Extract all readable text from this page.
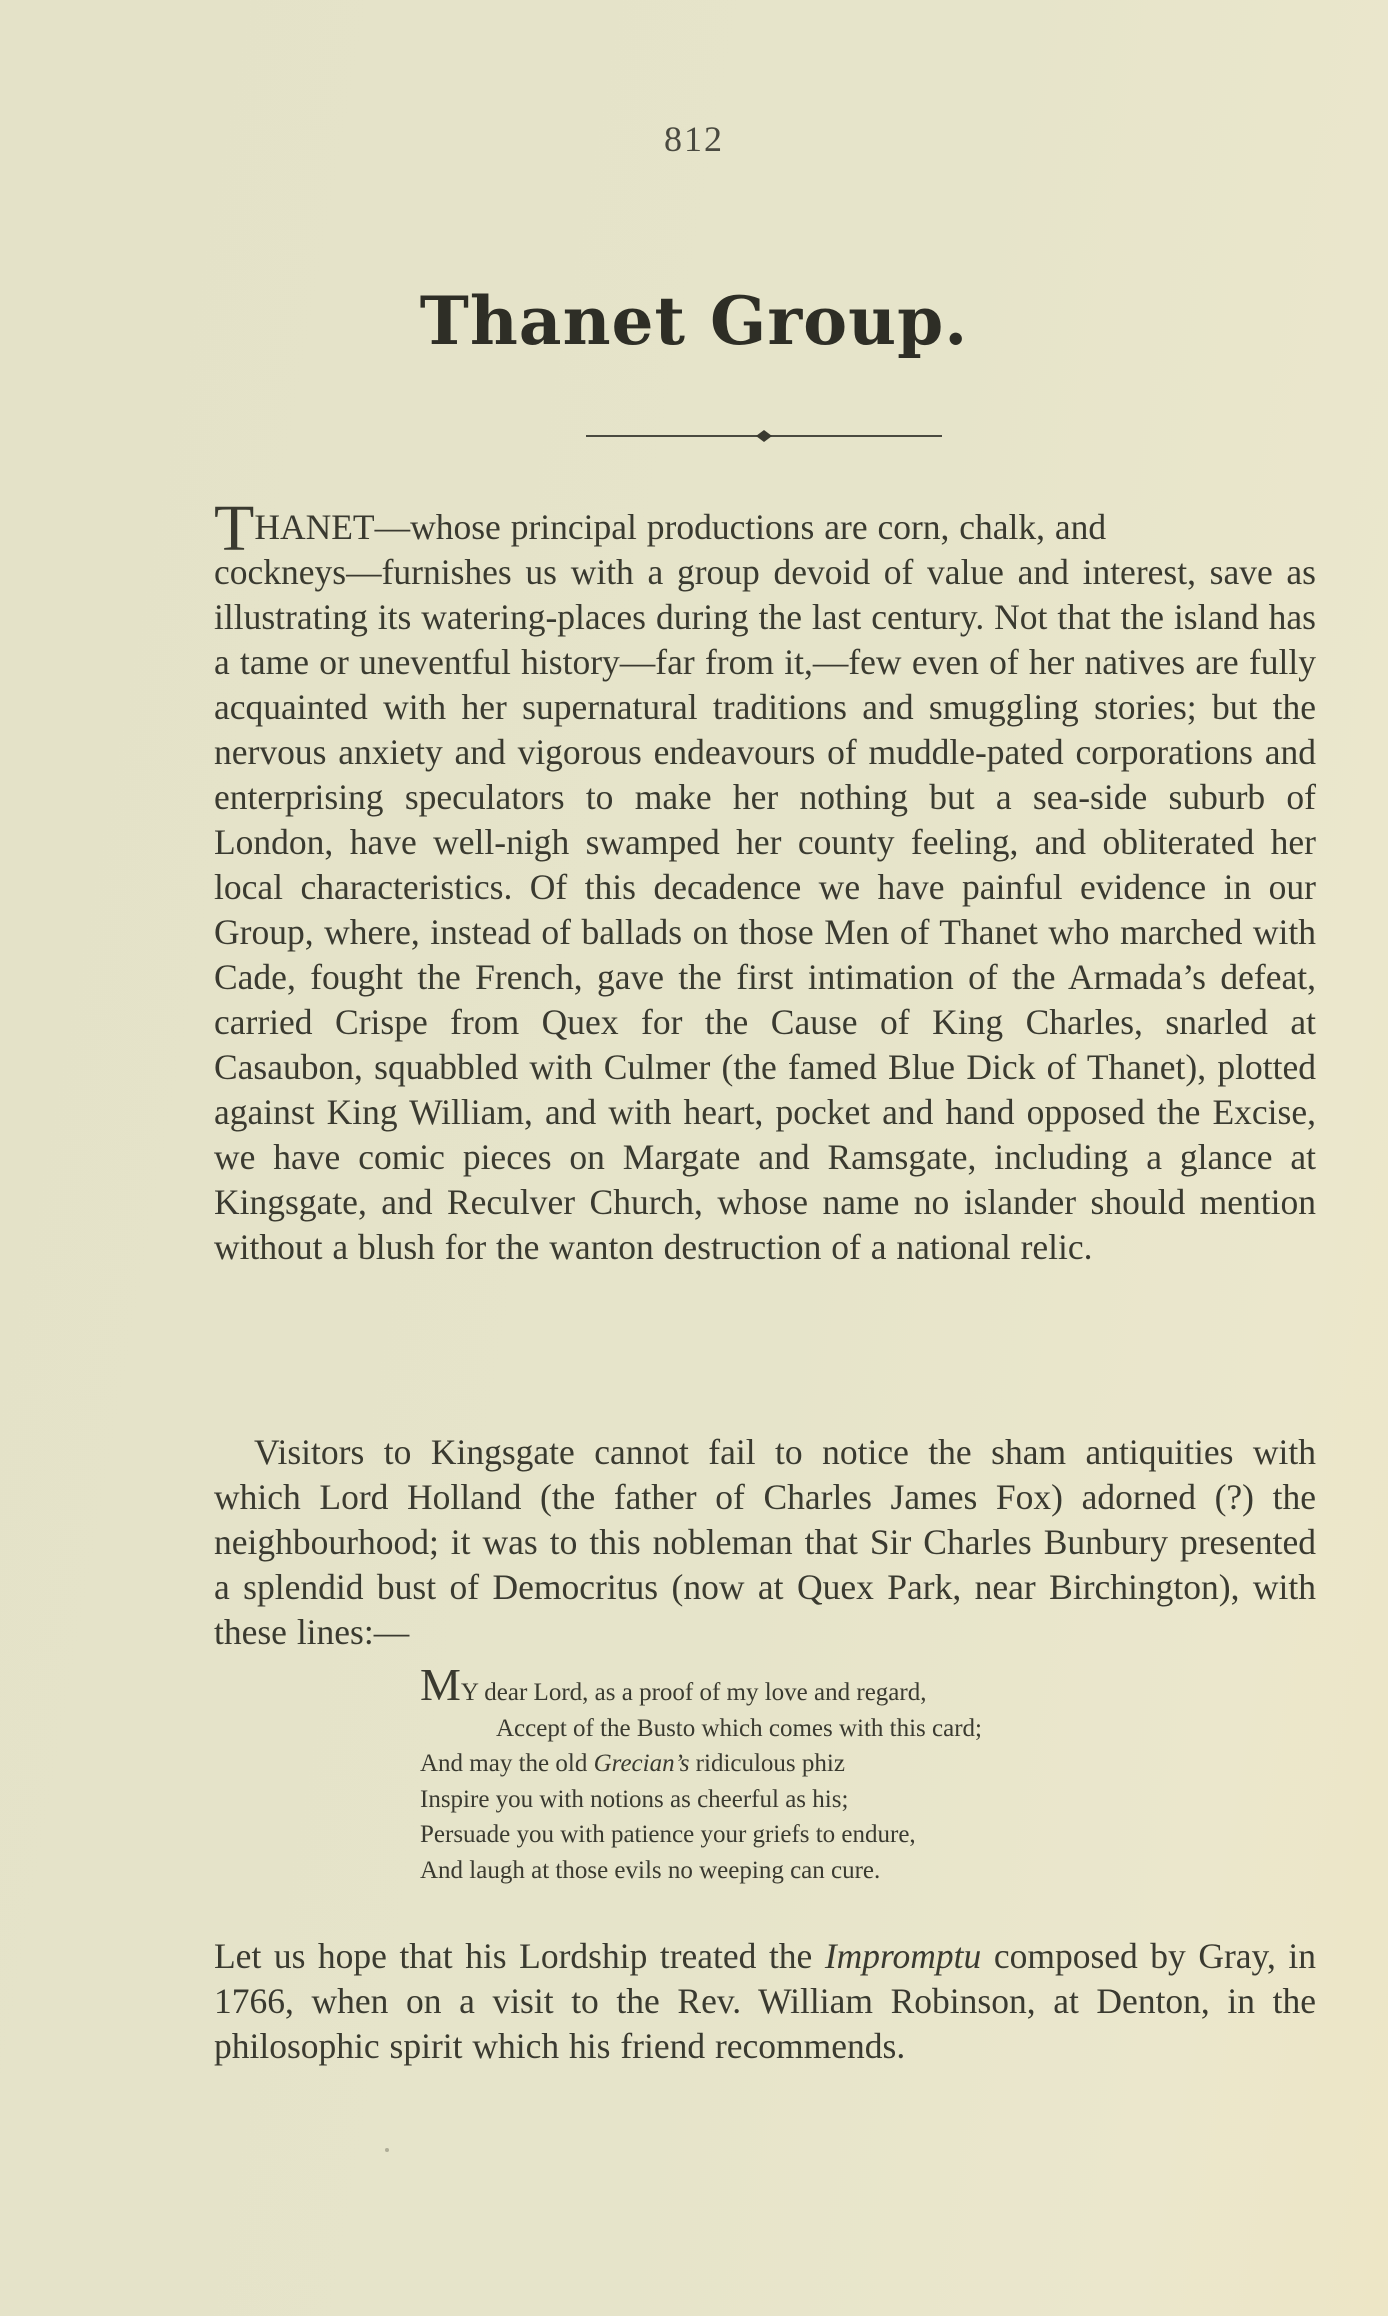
812
Thanet Group.

THANET—whose principal productions are corn, chalk, and
cockneys—furnishes us with a group devoid of value and interest, save as illustrating its watering-places during the last century. Not that the island has a tame or uneventful history—far from it,—few even of her natives are fully acquainted with her supernatural traditions and smuggling stories; but the nervous anxiety and vigorous endeavours of muddle-pated corporations and enterprising speculators to make her nothing but a sea-side suburb of London, have well-nigh swamped her county feeling, and obliterated her local characteristics. Of this decadence we have painful evidence in our Group, where, instead of ballads on those Men of Thanet who marched with Cade, fought the French, gave the first intimation of the Armada’s defeat, carried Crispe from Quex for the Cause of King Charles, snarled at Casaubon, squabbled with Culmer (the famed Blue Dick of Thanet), plotted against King William, and with heart, pocket and hand opposed the Excise, we have comic pieces on Margate and Ramsgate, including a glance at Kingsgate, and Reculver Church, whose name no islander should mention without a blush for the wanton destruction of a national relic.

Visitors to Kingsgate cannot fail to notice the sham antiquities with which Lord Holland (the father of Charles James Fox) adorned (?) the neighbourhood; it was to this nobleman that Sir Charles Bunbury presented a splendid bust of Democritus (now at Quex Park, near Birchington), with these lines:—

MY dear Lord, as a proof of my love and regard,
Accept of the Busto which comes with this card;
And may the old Grecian’s ridiculous phiz
Inspire you with notions as cheerful as his;
Persuade you with patience your griefs to endure,
And laugh at those evils no weeping can cure.

Let us hope that his Lordship treated the Impromptu composed by Gray, in 1766, when on a visit to the Rev. William Robinson, at Denton, in the philosophic spirit which his friend recommends.
